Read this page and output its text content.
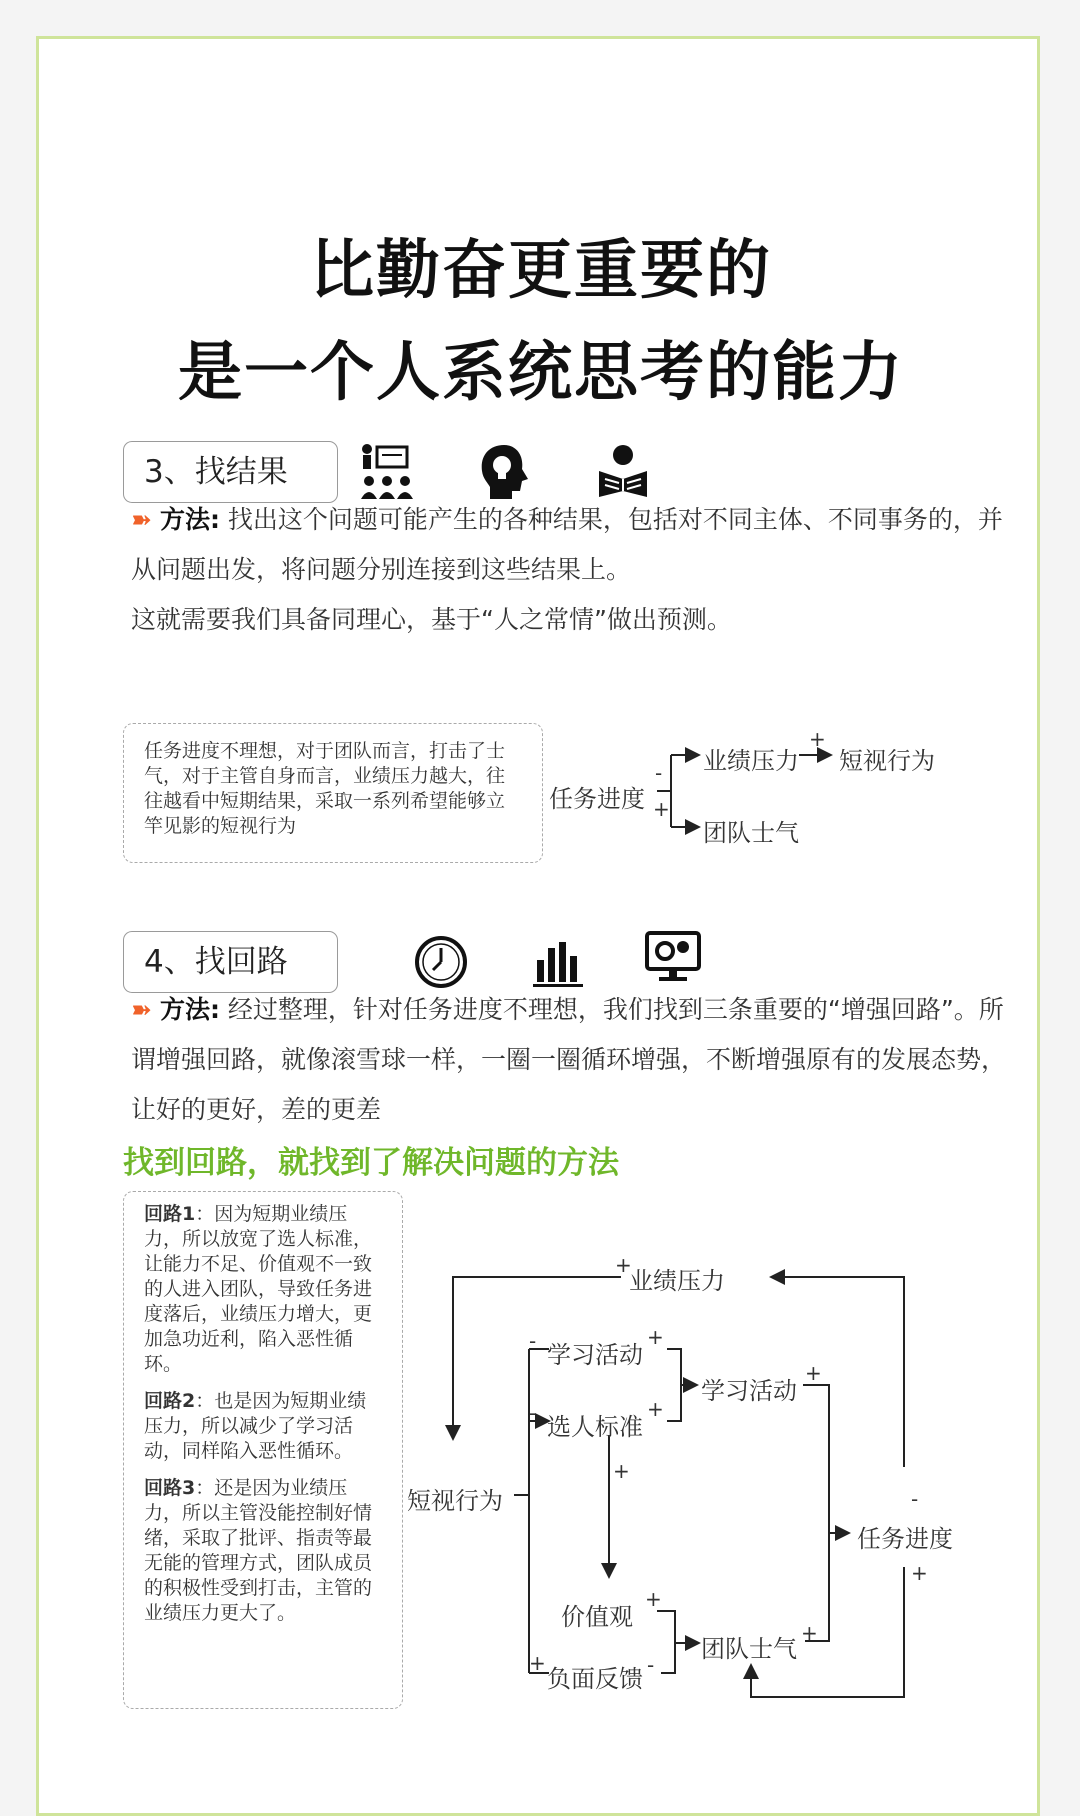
比勤奋更重要的
是一个人系统思考的能力
3、找结果
➽ 方法: 找出这个问题可能产生的各种结果，包括对不同主体、不同事务的，并从问题出发，将问题分别连接到这些结果上。
这就需要我们具备同理心，基于“人之常情”做出预测。
任务进度不理想，对于团队而言，打击了士气，对于主管自身而言，业绩压力越大，往往越看中短期结果，采取一系列希望能够立竿见影的短视行为
任务进度
-
+
业绩压力
+
短视行为
团队士气
4、找回路
➽ 方法: 经过整理，针对任务进度不理想，我们找到三条重要的“增强回路”。所谓增强回路，就像滚雪球一样，一圈一圈循环增强，不断增强原有的发展态势，让好的更好，差的更差
找到回路，就找到了解决问题的方法
回路1：因为短期业绩压力，所以放宽了选人标准，让能力不足、价值观不一致的人进入团队，导致任务进度落后，业绩压力增大，更加急功近利，陷入恶性循环。
回路2：也是因为短期业绩压力，所以减少了学习活动，同样陷入恶性循环。
回路3：还是因为业绩压力，所以主管没能控制好情绪，采取了批评、指责等最无能的管理方式，团队成员的积极性受到打击，主管的业绩压力更大了。
业绩压力
+
短视行为
- 学习活动
+
- 选人标准
+
学习活动
+
+
-
任务进度
+
价值观
+
团队士气
+
+
负面反馈 -
